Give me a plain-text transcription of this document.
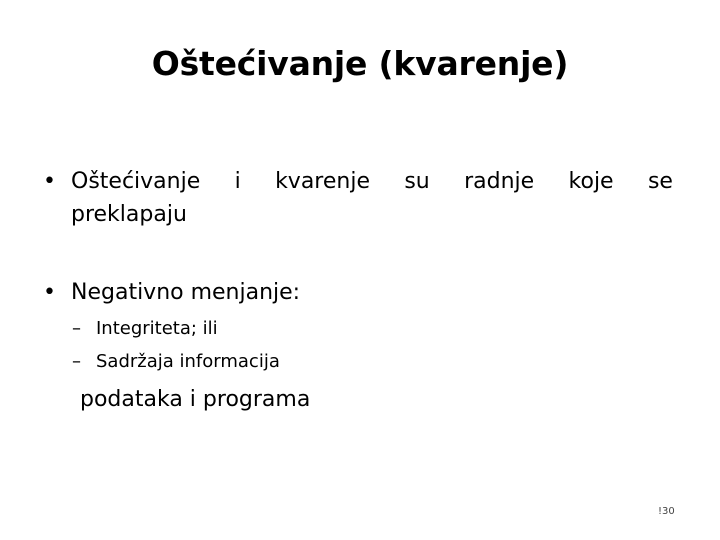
Oštećivanje (kvarenje)
• Oštećivanje i kvarenje su radnje koje se
preklapaju
• Negativno menjanje:
– Integriteta; ili
– Sadržaja informacija
podataka i programa
!30
